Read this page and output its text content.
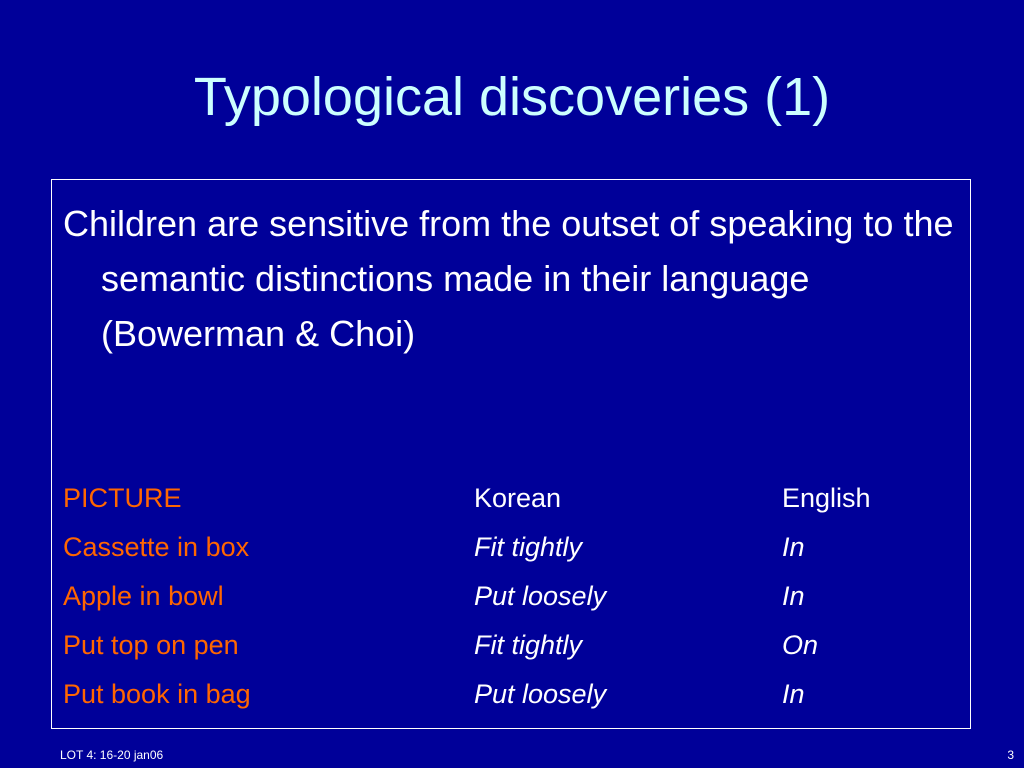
Typological discoveries (1)
Children are sensitive from the outset of speaking to the semantic distinctions made in their language (Bowerman & Choi)
PICTURE	Korean	English
Cassette in box	Fit tightly	In
Apple in bowl	Put loosely	In
Put top on pen	Fit tightly	On
Put book in bag	Put loosely	In
LOT 4: 16-20 jan06	3
